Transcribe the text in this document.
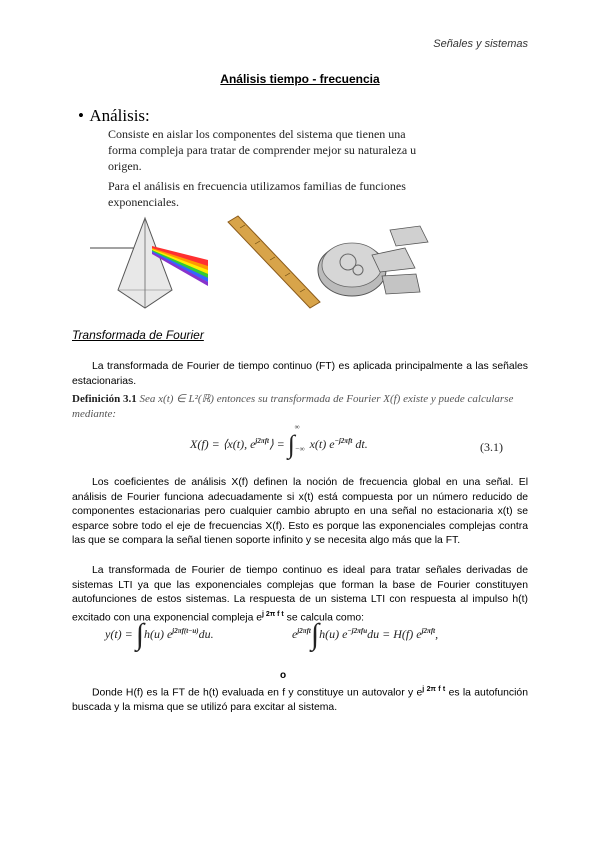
Señales y sistemas
Análisis tiempo - frecuencia
• Análisis:

Consiste en aislar los componentes del sistema que tienen una forma compleja para tratar de comprender mejor su naturaleza u origen.

Para el análisis en frecuencia utilizamos familias de funciones exponenciales.

Transformada de Fourier
La transformada de Fourier de tiempo continuo (FT) es aplicada principalmente a las señales estacionarias.
Definición 3.1 Sea x(t) ∈ L²(ℝ) entonces su transformada de Fourier X(f) existe y puede calcularse mediante:
X(f) = ⟨x(t), $e^{j2\pi ft}⟩ = \int_{-\infty}^\infty x(t)$ $e^{-j2\pi ft}$ dt.	(3.1)
Los coeficientes de análisis X(f) definen la noción de frecuencia global en una señal. El análisis de Fourier funciona adecuadamente si x(t) está compuesta por un número reducido de componentes estacionarias pero cualquier cambio abrupto en una señal no estacionaria x(t) se esparce sobre todo el eje de frecuencias X(f). Esto es porque las exponenciales complejas contra las que se compara la señal tienen soporte infinito y se necesita algo más que la FT.
La transformada de Fourier de tiempo continuo es ideal para tratar señales derivadas de sistemas LTI ya que las exponenciales complejas que forman la base de Fourier constituyen autofunciones de estos sistemas. La respuesta de un sistema LTI con respuesta al impulso h(t) excitado con una exponencial compleja $e^{j 2\pi f t}$ se calcula como:
y(t) = ∫h(u) $e^{j2\pi f(t-u)}du$.
o
$e^{j2\pi ft}\int h(u) e^{-j2\pi fu}du = H(f)$ $e^{j2\pi ft}$,
Donde H(f) es la FT de h(t) evaluada en f y constituye un autovalor y $e^{j 2\pi f t}$ es la autofunción buscada y la misma que se utilizó para excitar al sistema.
